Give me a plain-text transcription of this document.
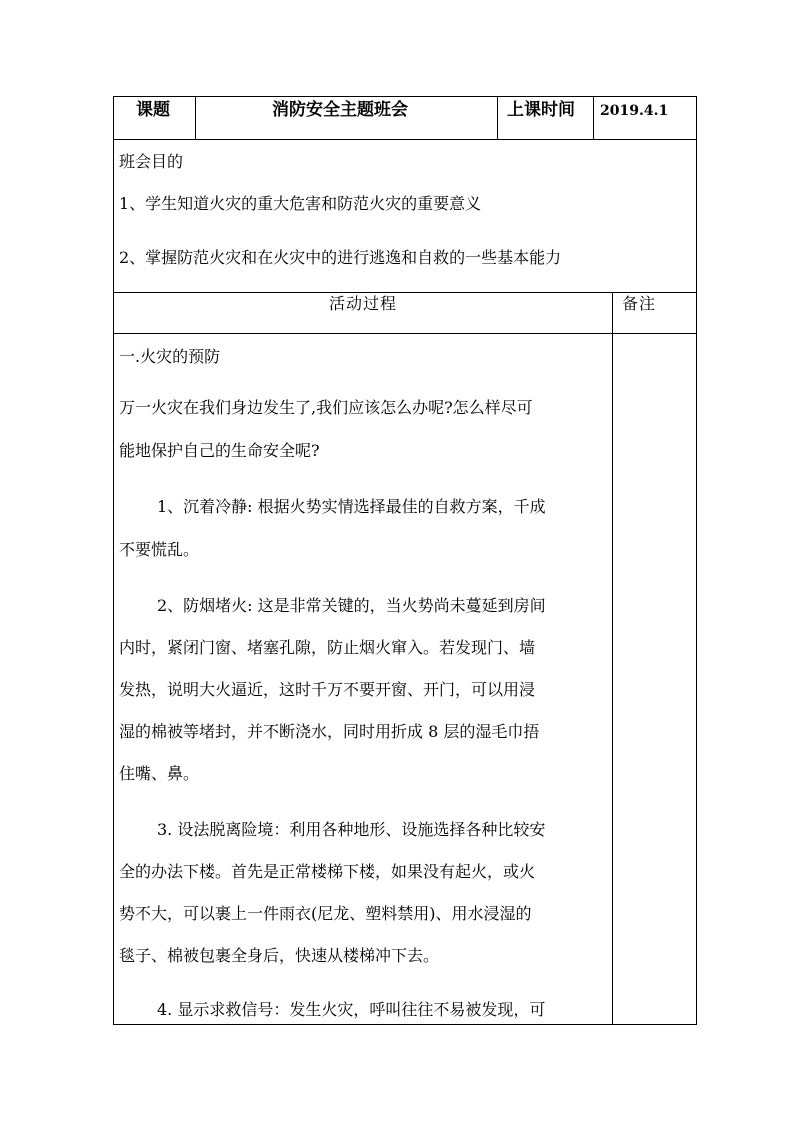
课题	消防安全主题班会	上课时间 2019.4.1
班会目的
1、学生知道火灾的重大危害和防范火灾的重要意义
2、掌握防范火灾和在火灾中的进行逃逸和自救的一些基本能力
活动过程	备注
一.火灾的预防
万一火灾在我们身边发生了,我们应该怎么办呢?怎么样尽可
能地保护自己的生命安全呢?
1、沉着冷静: 根据火势实情选择最佳的自救方案，千成
不要慌乱。
2、防烟堵火: 这是非常关键的，当火势尚未蔓延到房间
内时，紧闭门窗、堵塞孔隙，防止烟火窜入。若发现门、墙
发热，说明大火逼近，这时千万不要开窗、开门，可以用浸
湿的棉被等堵封，并不断浇水，同时用折成 8 层的湿毛巾捂
住嘴、鼻。
3. 设法脱离险境：利用各种地形、设施选择各种比较安
全的办法下楼。首先是正常楼梯下楼，如果没有起火，或火
势不大，可以裹上一件雨衣(尼龙、塑料禁用)、用水浸湿的
毯子、棉被包裹全身后，快速从楼梯冲下去。
4. 显示求救信号：发生火灾，呼叫往往不易被发现，可
